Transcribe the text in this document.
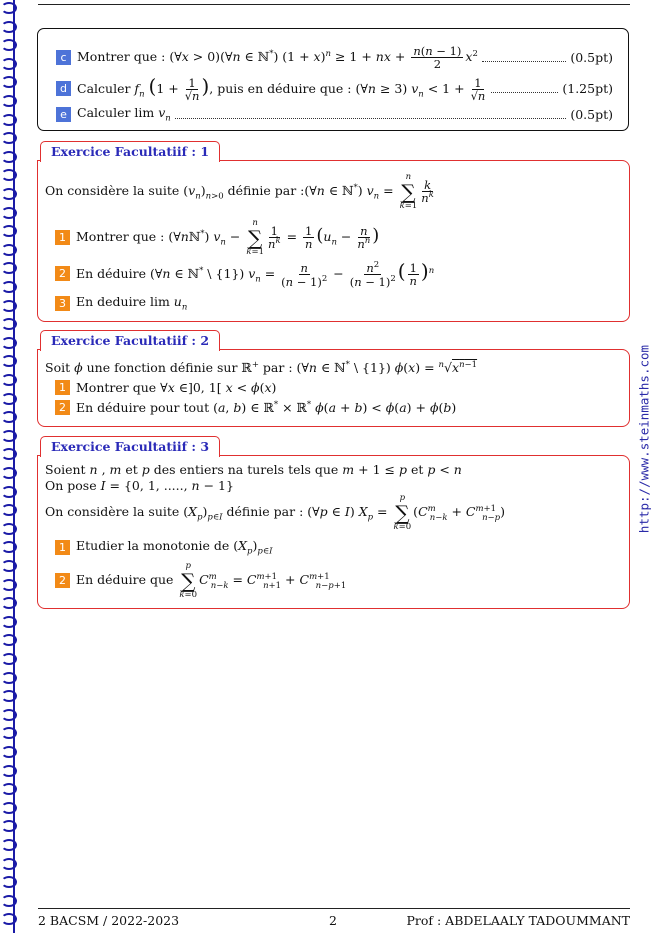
c Montrer que : (∀x > 0)(∀n ∈ ℕ*) $(1 + x)^n \ge 1$ + nx + $\frac{n(n - 1)}{2} x^2$	(0.5pt)
d Calculer $f_n$ ($1 + \frac{1}{√n}$ ), puis en déduire que : (∀n ≥ 3) $v_n < 1 + \frac{1}{√n}$	(1.25pt)
e Calculer $\lim v_n$	(0.5pt)
Exercice Facultatiif : 1
On considère la suite $(v_n)_{n>0}$ définie par :(∀n ∈ ℕ*) $v_n$ =
n
∑
k=1
$\frac{k}{n^k}$
1 Montrer que : (∀nℕ*) $v_n$ −
n
∑
k=1
$\frac{1}{n^k} = \frac{1}{n} (u_n - \frac{n}{n^n}$ )
2 En déduire (∀n ∈ ℕ* \ {1}) $v_n = \frac{n}{(n - 1)^2} - \frac{n^2}{(n - 1)^2}$ ( $\frac{1}{n} )^n$
3 En deduire $\lim u_n$
Exercice Facultatiif : 2
Soit ϕ une fonction définie sur ℝ+ par : (∀n ∈ ℕ* \ {1}) $\phi(x) = ^n√x^{n-1}$
1 Montrer que ∀x ∈]0, 1[ x < ϕ(x)
2 En déduire pour tout (a, b) ∈ ℝ* × ℝ* ϕ(a + b) < ϕ(a) + ϕ(b)
Exercice Facultatiif : 3
Soient n , m et p des entiers na turels tels que m + 1 ≤ p et p < n
On pose I = {0, 1, ....., n − 1}
On considère la suite $(X_p)_{p\in I}$ définie par : (∀p ∈ I) $X_p$ =
p
∑
k=0
$(C^m_{n-k} + C^{m+1}_{n-p})$
1 Etudier la monotonie de $(X_p)_{p\in I}$
2 En déduire que
p
∑
k=0
$C^m_{n-k} = C^{m+1}_{n+1} + C^{m+1}_{n-p+1}$
http://www.steinmaths.com
2 BACSM / 2022-2023	2	Prof : ABDELAALY TADOUMMANT
